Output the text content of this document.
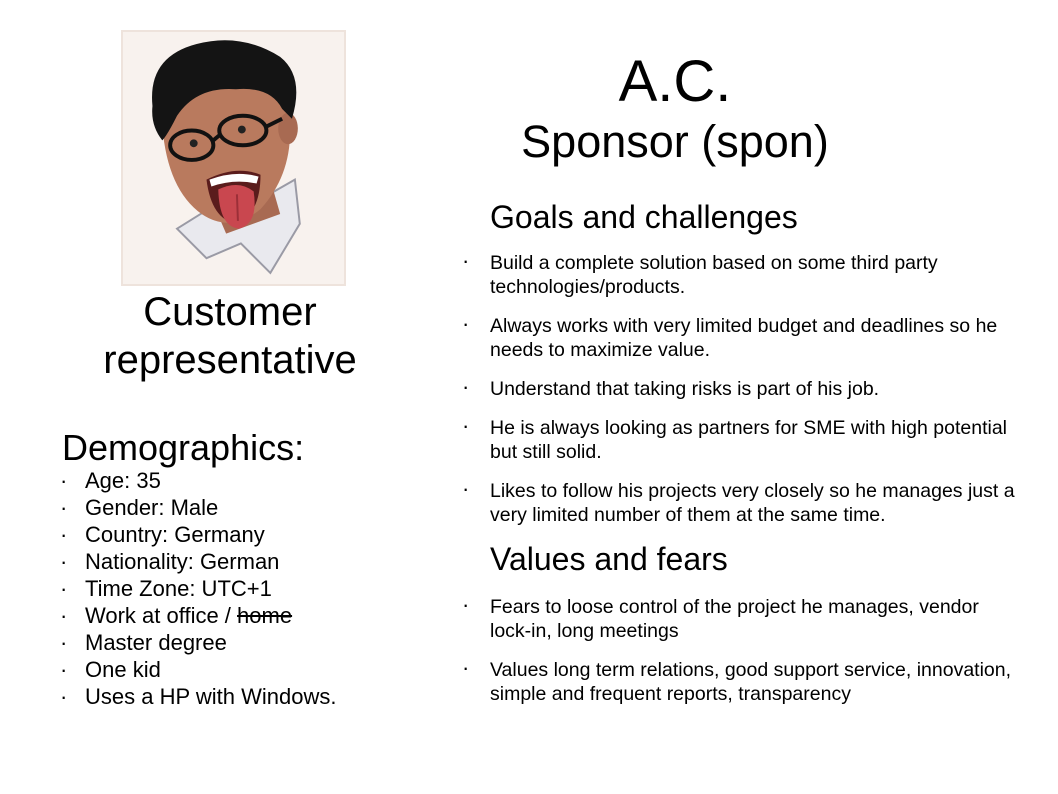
Customer
representative
Demographics:
· Age: 35
· Gender: Male
· Country: Germany
· Nationality: German
· Time Zone: UTC+1
· Work at office / home
· Master degree
· One kid
· Uses a HP with Windows.
A.C.
Sponsor (spon)
Goals and challenges
· Build a complete solution based on some third party technologies/products.
· Always works with very limited budget and deadlines so he needs to maximize value.
· Understand that taking risks is part of his job.
· He is always looking as partners for SME with high potential but still solid.
· Likes to follow his projects very closely so he manages just a very limited number of them at the same time.
Values and fears
· Fears to loose control of the project he manages, vendor lock-in, long meetings
· Values long term relations, good support service, innovation, simple and frequent reports, transparency
